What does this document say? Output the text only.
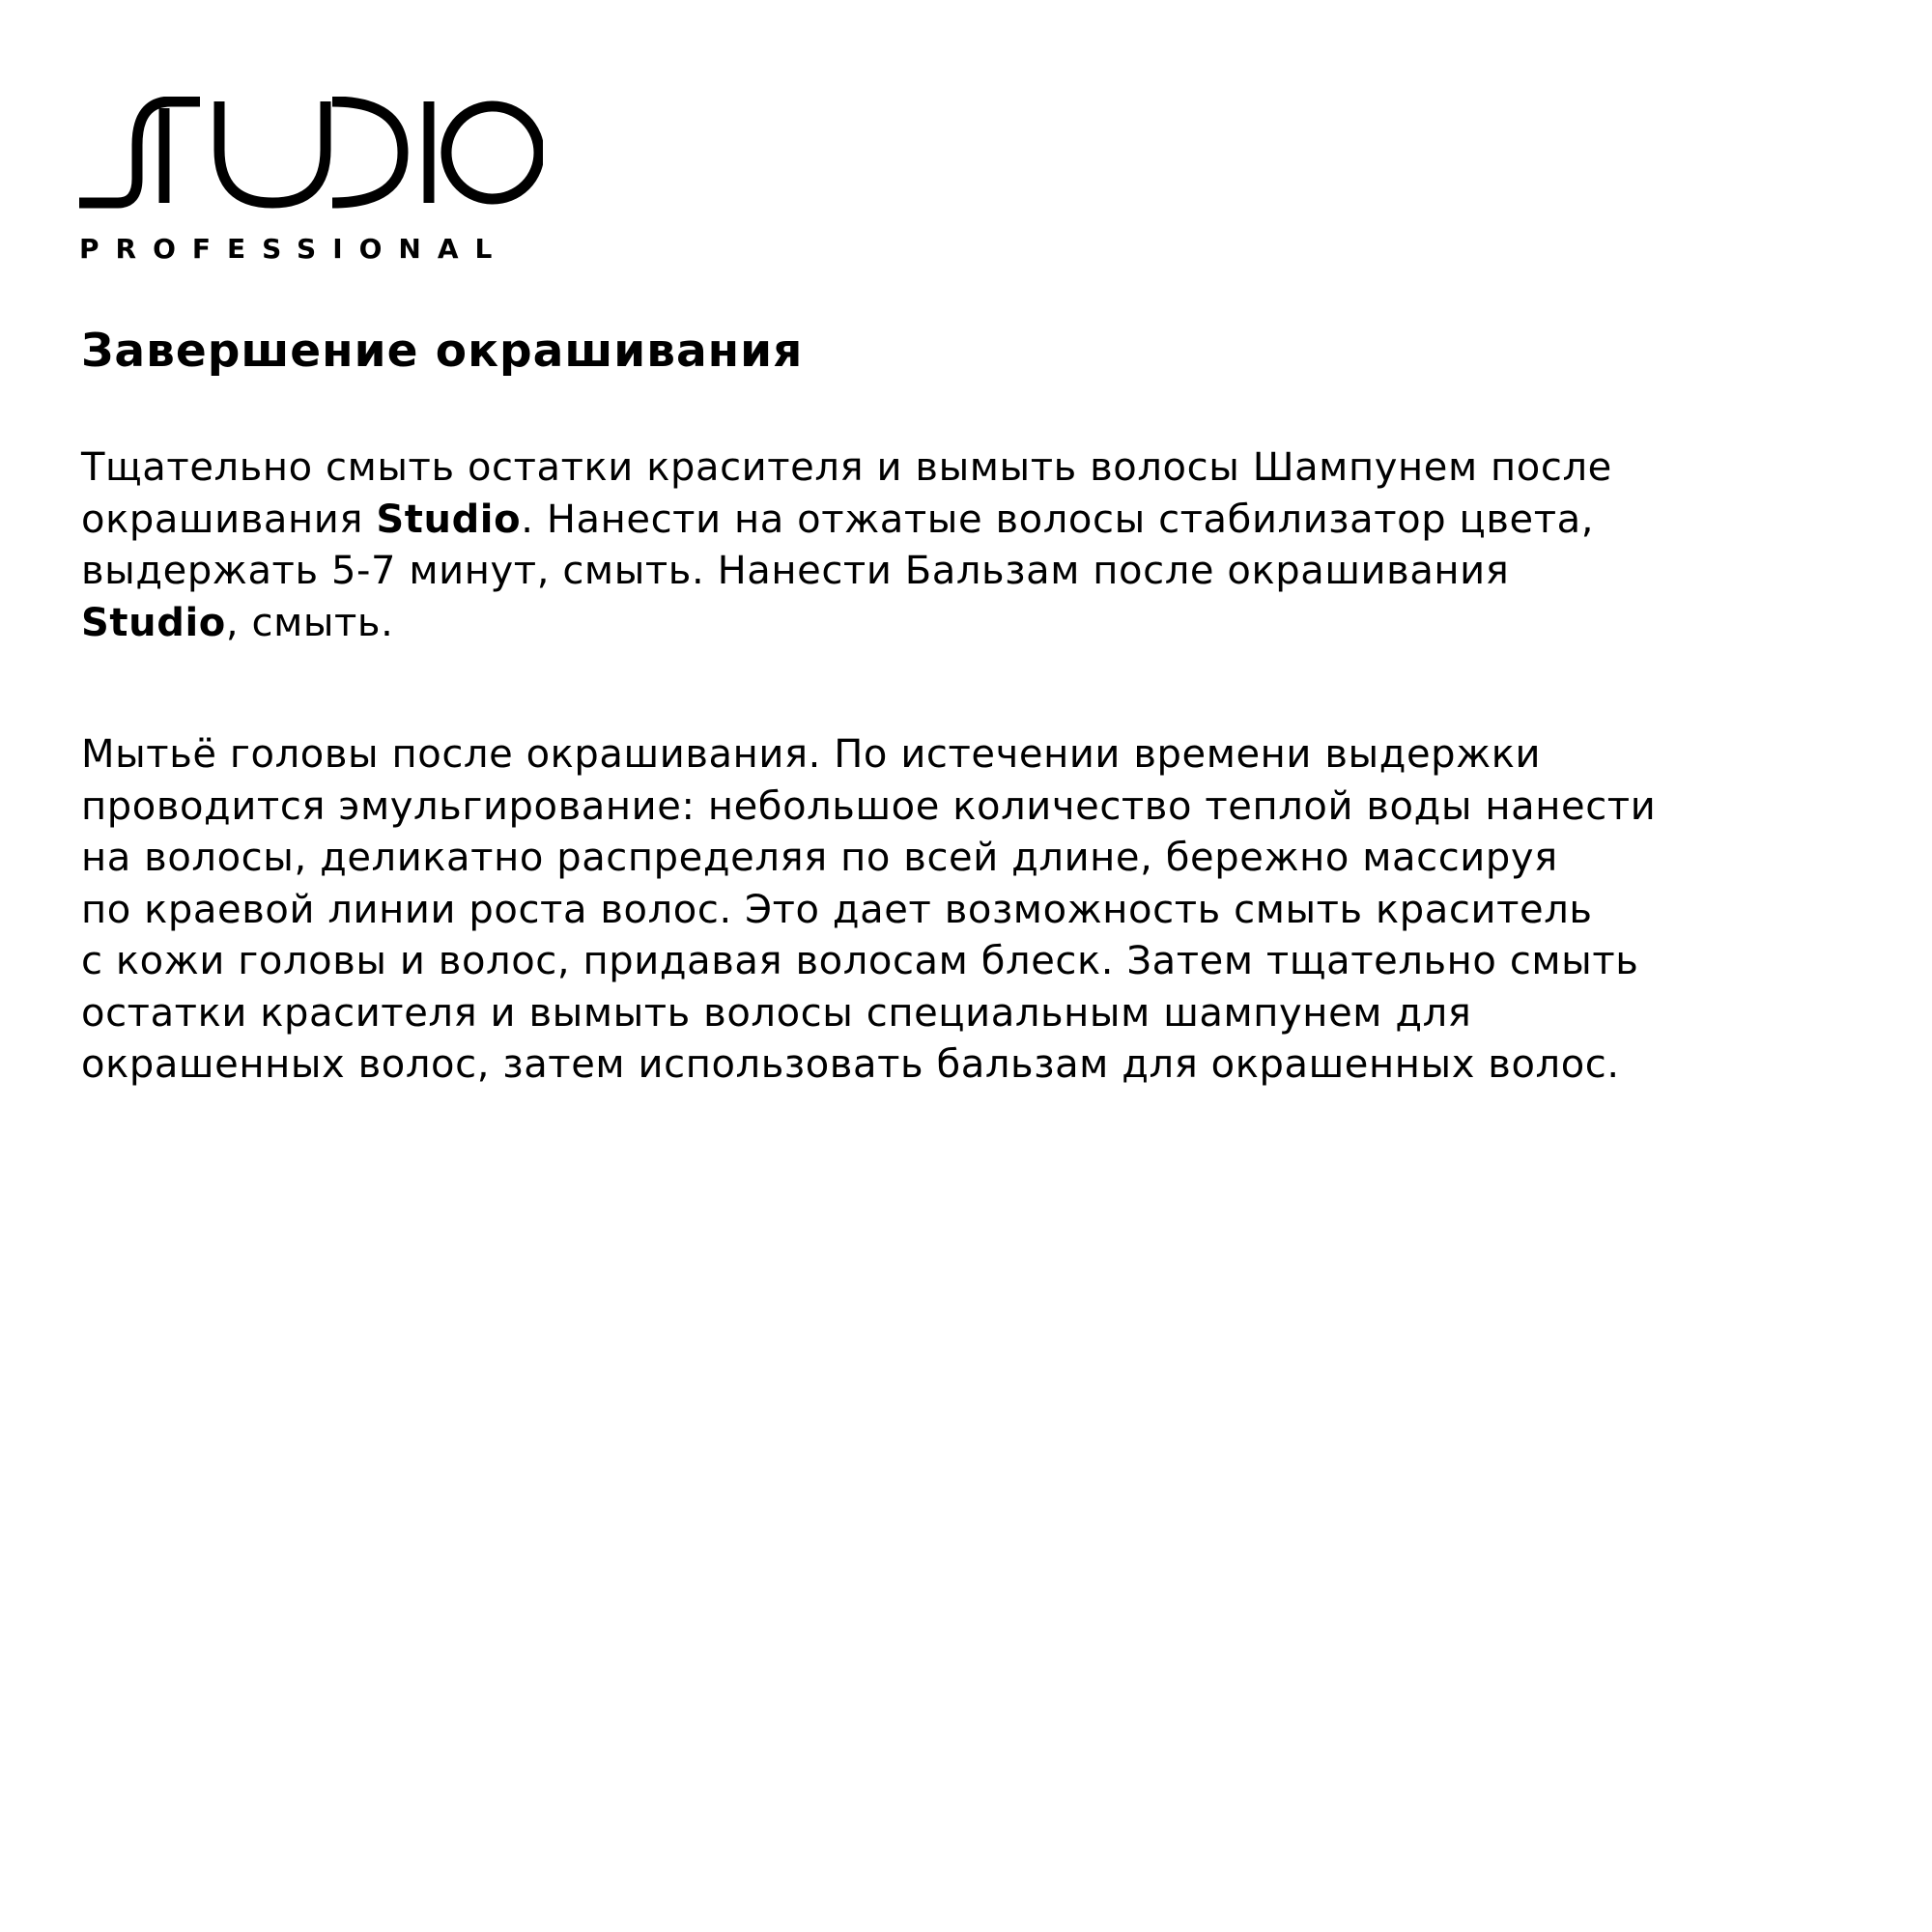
PROFESSIONAL
Завершение окрашивания
Тщательно смыть остатки красителя и вымыть волосы Шампунем после
окрашивания Studio. Нанести на отжатые волосы стабилизатор цвета,
выдержать 5-7 минут, смыть. Нанести Бальзам после окрашивания
Studio, смыть.
Мытьё головы после окрашивания. По истечении времени выдержки
проводится эмульгирование: небольшое количество теплой воды нанести
на волосы, деликатно распределяя по всей длине, бережно массируя
по краевой линии роста волос. Это дает возможность смыть краситель
с кожи головы и волос, придавая волосам блеск. Затем тщательно смыть
остатки красителя и вымыть волосы специальным шампунем для
окрашенных волос, затем использовать бальзам для окрашенных волос.
